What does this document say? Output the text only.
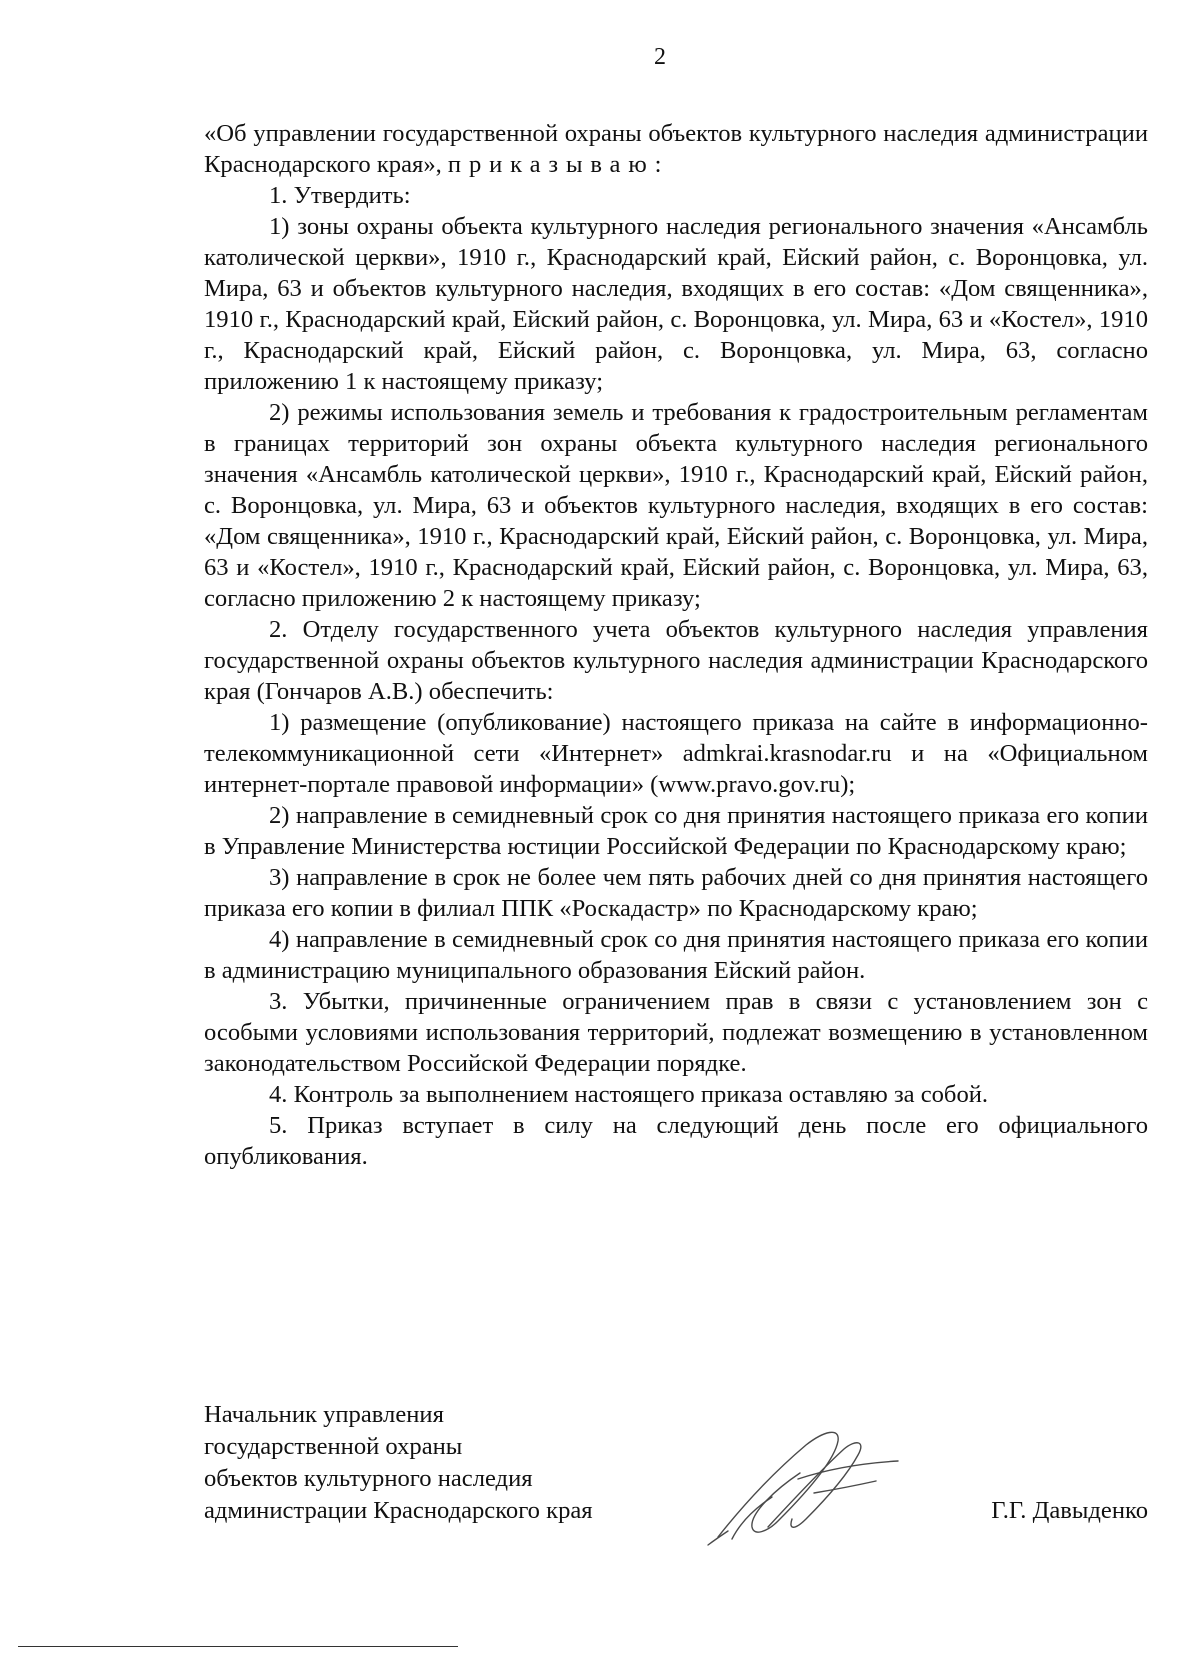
2

«Об управлении государственной охраны объектов культурного наследия администрации Краснодарского края», приказываю:

1. Утвердить:

1) зоны охраны объекта культурного наследия регионального значения «Ансамбль католической церкви», 1910 г., Краснодарский край, Ейский район, с. Воронцовка, ул. Мира, 63 и объектов культурного наследия, входящих в его состав: «Дом священника», 1910 г., Краснодарский край, Ейский район, с. Воронцовка, ул. Мира, 63 и «Костел», 1910 г., Краснодарский край, Ейский район, с. Воронцовка, ул. Мира, 63, согласно приложению 1 к настоящему приказу;

2) режимы использования земель и требования к градостроительным регламентам в границах территорий зон охраны объекта культурного наследия регионального значения «Ансамбль католической церкви», 1910 г., Краснодарский край, Ейский район, с. Воронцовка, ул. Мира, 63 и объектов культурного наследия, входящих в его состав: «Дом священника», 1910 г., Краснодарский край, Ейский район, с. Воронцовка, ул. Мира, 63 и «Костел», 1910 г., Краснодарский край, Ейский район, с. Воронцовка, ул. Мира, 63, согласно приложению 2 к настоящему приказу;

2. Отделу государственного учета объектов культурного наследия управления государственной охраны объектов культурного наследия администрации Краснодарского края (Гончаров А.В.) обеспечить:

1) размещение (опубликование) настоящего приказа на сайте в информационно-телекоммуникационной сети «Интернет» admkrai.krasnodar.ru и на «Официальном интернет-портале правовой информации» (www.pravo.gov.ru);

2) направление в семидневный срок со дня принятия настоящего приказа его копии в Управление Министерства юстиции Российской Федерации по Краснодарскому краю;

3) направление в срок не более чем пять рабочих дней со дня принятия настоящего приказа его копии в филиал ППК «Роскадастр» по Краснодарскому краю;

4) направление в семидневный срок со дня принятия настоящего приказа его копии в администрацию муниципального образования Ейский район.

3. Убытки, причиненные ограничением прав в связи с установлением зон с особыми условиями использования территорий, подлежат возмещению в установленном законодательством Российской Федерации порядке.

4. Контроль за выполнением настоящего приказа оставляю за собой.

5. Приказ вступает в силу на следующий день после его официального опубликования.

Начальник управления
государственной охраны
объектов культурного наследия
администрации Краснодарского края	Г.Г. Давыденко
